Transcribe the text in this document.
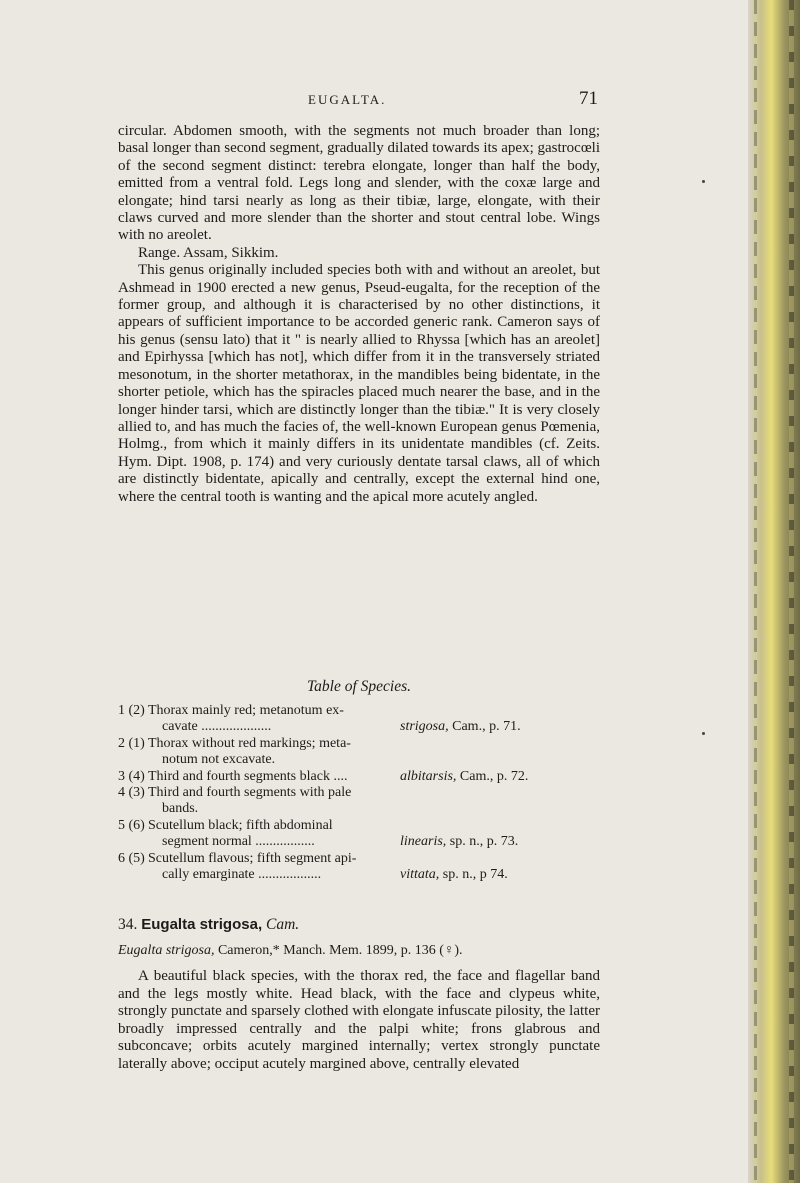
EUGALTA.	71

circular. Abdomen smooth, with the segments not much broader than long; basal longer than second segment, gradually dilated towards its apex; gastrocœli of the second segment distinct: terebra elongate, longer than half the body, emitted from a ventral fold. Legs long and slender, with the coxæ large and elongate; hind tarsi nearly as long as their tibiæ, large, elongate, with their claws curved and more slender than the shorter and stout central lobe. Wings with no areolet.

Range. Assam, Sikkim.

This genus originally included species both with and without an areolet, but Ashmead in 1900 erected a new genus, Pseud-eugalta, for the reception of the former group, and although it is characterised by no other distinctions, it appears of sufficient importance to be accorded generic rank. Cameron says of his genus (sensu lato) that it " is nearly allied to Rhyssa [which has an areolet] and Epirhyssa [which has not], which differ from it in the transversely striated mesonotum, in the shorter metathorax, in the mandibles being bidentate, in the shorter petiole, which has the spiracles placed much nearer the base, and in the longer hinder tarsi, which are distinctly longer than the tibiæ." It is very closely allied to, and has much the facies of, the well-known European genus Pœmenia, Holmg., from which it mainly differs in its unidentate mandibles (cf. Zeits. Hym. Dipt. 1908, p. 174) and very curiously dentate tarsal claws, all of which are distinctly bidentate, apically and centrally, except the external hind one, where the central tooth is wanting and the apical more acutely angled.

Table of Species.
1 (2) Thorax mainly red; metanotum ex-
cavate ....................	strigosa, Cam., p. 71.
2 (1) Thorax without red markings; meta-
notum not excavate.
3 (4) Third and fourth segments black ....	albitarsis, Cam., p. 72.
4 (3) Third and fourth segments with pale
bands.
5 (6) Scutellum black; fifth abdominal
segment normal .................	linearis, sp. n., p. 73.
6 (5) Scutellum flavous; fifth segment api-
cally emarginate ..................	vittata, sp. n., p 74.
34. Eugalta strigosa, Cam.
Eugalta strigosa, Cameron,* Manch. Mem. 1899, p. 136 (♀).

A beautiful black species, with the thorax red, the face and flagellar band and the legs mostly white. Head black, with the face and clypeus white, strongly punctate and sparsely clothed with elongate infuscate pilosity, the latter broadly impressed centrally and the palpi white; frons glabrous and subconcave; orbits acutely margined internally; vertex strongly punctate laterally above; occiput acutely margined above, centrally elevated
